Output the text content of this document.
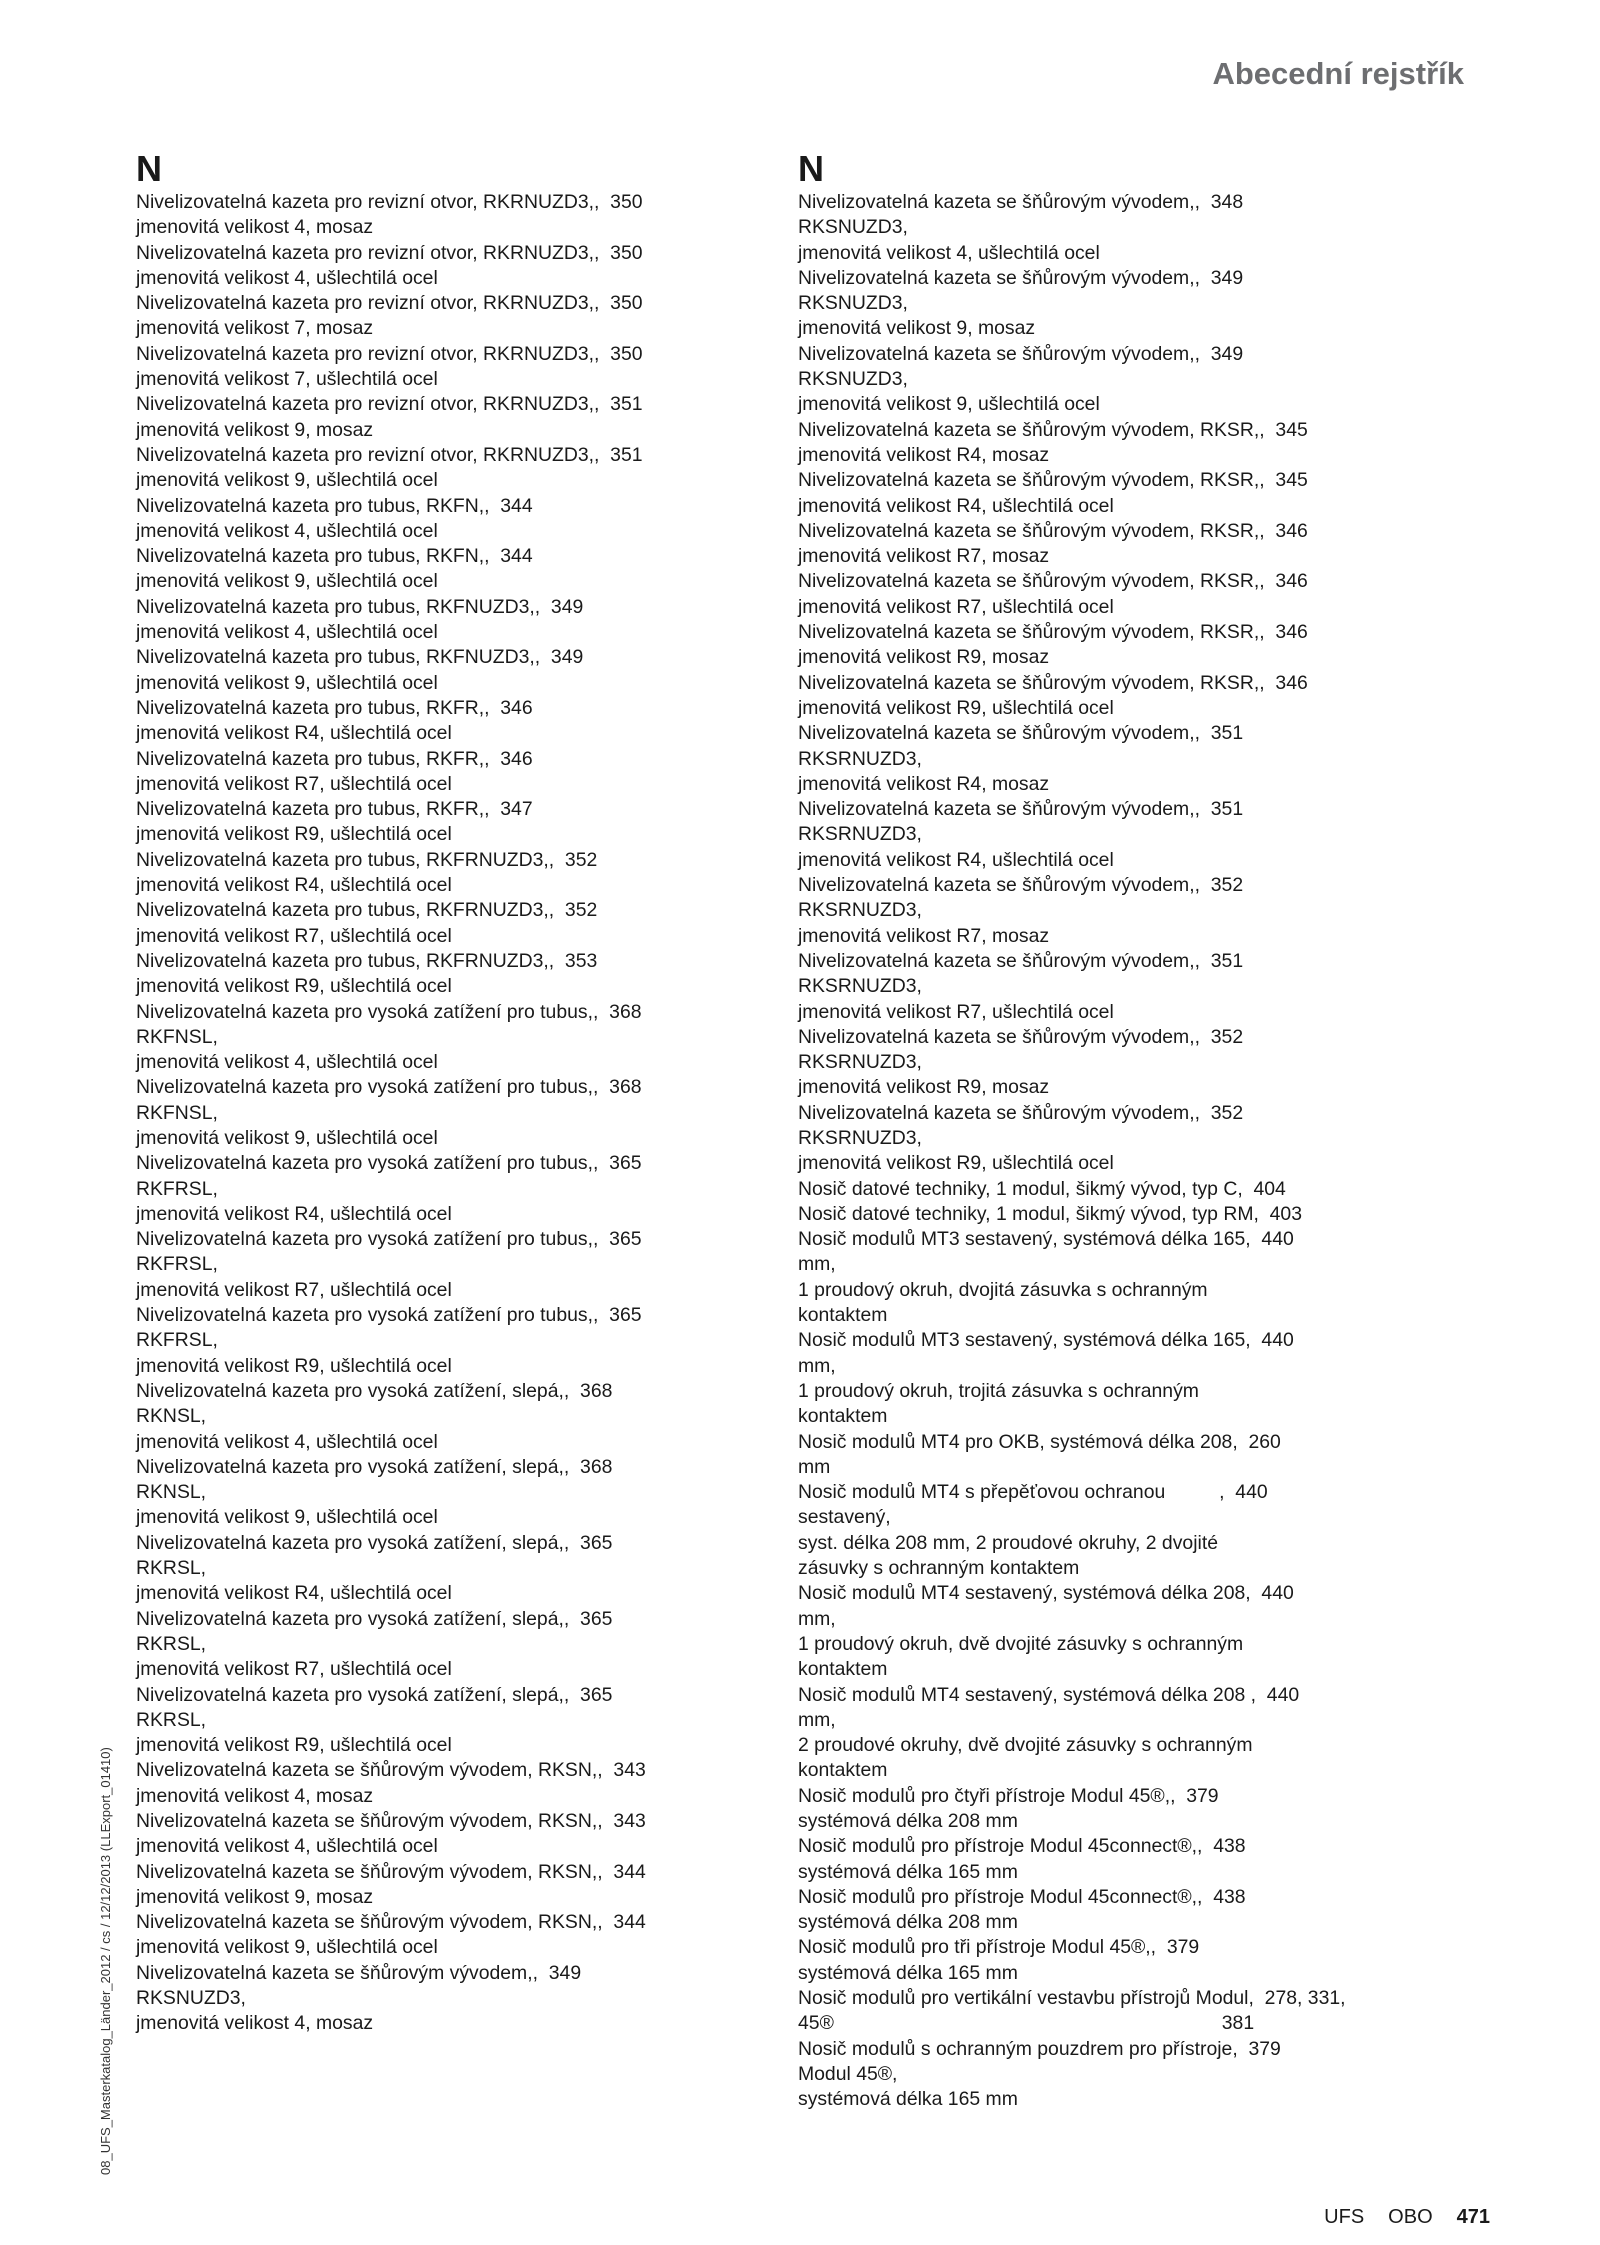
Abecední rejstřík
N
Nivelizovatelná kazeta pro revizní otvor, RKRNUZD3,,  350
jmenovitá velikost 4, mosaz
Nivelizovatelná kazeta pro revizní otvor, RKRNUZD3,,  350
jmenovitá velikost 4, ušlechtilá ocel
Nivelizovatelná kazeta pro revizní otvor, RKRNUZD3,,  350
jmenovitá velikost 7, mosaz
Nivelizovatelná kazeta pro revizní otvor, RKRNUZD3,,  350
jmenovitá velikost 7, ušlechtilá ocel
Nivelizovatelná kazeta pro revizní otvor, RKRNUZD3,,  351
jmenovitá velikost 9, mosaz
Nivelizovatelná kazeta pro revizní otvor, RKRNUZD3,,  351
jmenovitá velikost 9, ušlechtilá ocel
Nivelizovatelná kazeta pro tubus, RKFN,,  344
jmenovitá velikost 4, ušlechtilá ocel
Nivelizovatelná kazeta pro tubus, RKFN,,  344
jmenovitá velikost 9, ušlechtilá ocel
Nivelizovatelná kazeta pro tubus, RKFNUZD3,,  349
jmenovitá velikost 4, ušlechtilá ocel
Nivelizovatelná kazeta pro tubus, RKFNUZD3,,  349
jmenovitá velikost 9, ušlechtilá ocel
Nivelizovatelná kazeta pro tubus, RKFR,,  346
jmenovitá velikost R4, ušlechtilá ocel
Nivelizovatelná kazeta pro tubus, RKFR,,  346
jmenovitá velikost R7, ušlechtilá ocel
Nivelizovatelná kazeta pro tubus, RKFR,,  347
jmenovitá velikost R9, ušlechtilá ocel
Nivelizovatelná kazeta pro tubus, RKFRNUZD3,,  352
jmenovitá velikost R4, ušlechtilá ocel
Nivelizovatelná kazeta pro tubus, RKFRNUZD3,,  352
jmenovitá velikost R7, ušlechtilá ocel
Nivelizovatelná kazeta pro tubus, RKFRNUZD3,,  353
jmenovitá velikost R9, ušlechtilá ocel
Nivelizovatelná kazeta pro vysoká zatížení pro tubus,,  368
RKFNSL,
jmenovitá velikost 4, ušlechtilá ocel
Nivelizovatelná kazeta pro vysoká zatížení pro tubus,,  368
RKFNSL,
jmenovitá velikost 9, ušlechtilá ocel
Nivelizovatelná kazeta pro vysoká zatížení pro tubus,,  365
RKFRSL,
jmenovitá velikost R4, ušlechtilá ocel
Nivelizovatelná kazeta pro vysoká zatížení pro tubus,,  365
RKFRSL,
jmenovitá velikost R7, ušlechtilá ocel
Nivelizovatelná kazeta pro vysoká zatížení pro tubus,,  365
RKFRSL,
jmenovitá velikost R9, ušlechtilá ocel
Nivelizovatelná kazeta pro vysoká zatížení, slepá,,  368
RKNSL,
jmenovitá velikost 4, ušlechtilá ocel
Nivelizovatelná kazeta pro vysoká zatížení, slepá,,  368
RKNSL,
jmenovitá velikost 9, ušlechtilá ocel
Nivelizovatelná kazeta pro vysoká zatížení, slepá,,  365
RKRSL,
jmenovitá velikost R4, ušlechtilá ocel
Nivelizovatelná kazeta pro vysoká zatížení, slepá,,  365
RKRSL,
jmenovitá velikost R7, ušlechtilá ocel
Nivelizovatelná kazeta pro vysoká zatížení, slepá,,  365
RKRSL,
jmenovitá velikost R9, ušlechtilá ocel
Nivelizovatelná kazeta se šňůrovým vývodem, RKSN,,  343
jmenovitá velikost 4, mosaz
Nivelizovatelná kazeta se šňůrovým vývodem, RKSN,,  343
jmenovitá velikost 4, ušlechtilá ocel
Nivelizovatelná kazeta se šňůrovým vývodem, RKSN,,  344
jmenovitá velikost 9, mosaz
Nivelizovatelná kazeta se šňůrovým vývodem, RKSN,,  344
jmenovitá velikost 9, ušlechtilá ocel
Nivelizovatelná kazeta se šňůrovým vývodem,,  349
RKSNUZD3,
jmenovitá velikost 4, mosaz
N
Nivelizovatelná kazeta se šňůrovým vývodem,,  348
RKSNUZD3,
jmenovitá velikost 4, ušlechtilá ocel
Nivelizovatelná kazeta se šňůrovým vývodem,,  349
RKSNUZD3,
jmenovitá velikost 9, mosaz
Nivelizovatelná kazeta se šňůrovým vývodem,,  349
RKSNUZD3,
jmenovitá velikost 9, ušlechtilá ocel
Nivelizovatelná kazeta se šňůrovým vývodem, RKSR,,  345
jmenovitá velikost R4, mosaz
Nivelizovatelná kazeta se šňůrovým vývodem, RKSR,,  345
jmenovitá velikost R4, ušlechtilá ocel
Nivelizovatelná kazeta se šňůrovým vývodem, RKSR,,  346
jmenovitá velikost R7, mosaz
Nivelizovatelná kazeta se šňůrovým vývodem, RKSR,,  346
jmenovitá velikost R7, ušlechtilá ocel
Nivelizovatelná kazeta se šňůrovým vývodem, RKSR,,  346
jmenovitá velikost R9, mosaz
Nivelizovatelná kazeta se šňůrovým vývodem, RKSR,,  346
jmenovitá velikost R9, ušlechtilá ocel
Nivelizovatelná kazeta se šňůrovým vývodem,,  351
RKSRNUZD3,
jmenovitá velikost R4, mosaz
Nivelizovatelná kazeta se šňůrovým vývodem,,  351
RKSRNUZD3,
jmenovitá velikost R4, ušlechtilá ocel
Nivelizovatelná kazeta se šňůrovým vývodem,,  352
RKSRNUZD3,
jmenovitá velikost R7, mosaz
Nivelizovatelná kazeta se šňůrovým vývodem,,  351
RKSRNUZD3,
jmenovitá velikost R7, ušlechtilá ocel
Nivelizovatelná kazeta se šňůrovým vývodem,,  352
RKSRNUZD3,
jmenovitá velikost R9, mosaz
Nivelizovatelná kazeta se šňůrovým vývodem,,  352
RKSRNUZD3,
jmenovitá velikost R9, ušlechtilá ocel
Nosič datové techniky, 1 modul, šikmý vývod, typ C,  404
Nosič datové techniky, 1 modul, šikmý vývod, typ RM,  403
Nosič modulů MT3 sestavený, systémová délka 165,  440
mm,
1 proudový okruh, dvojitá zásuvka s ochranným
kontaktem
Nosič modulů MT3 sestavený, systémová délka 165,  440
mm,
1 proudový okruh, trojitá zásuvka s ochranným
kontaktem
Nosič modulů MT4 pro OKB, systémová délka 208,  260
mm
Nosič modulů MT4 s přepěťovou ochranou          ,  440
sestavený,
syst. délka 208 mm, 2 proudové okruhy, 2 dvojité
zásuvky s ochranným kontaktem
Nosič modulů MT4 sestavený, systémová délka 208,  440
mm,
1 proudový okruh, dvě dvojité zásuvky s ochranným
kontaktem
Nosič modulů MT4 sestavený, systémová délka 208 ,  440
mm,
2 proudové okruhy, dvě dvojité zásuvky s ochranným
kontaktem
Nosič modulů pro čtyři přístroje Modul 45®,,  379
systémová délka 208 mm
Nosič modulů pro přístroje Modul 45connect®,,  438
systémová délka 165 mm
Nosič modulů pro přístroje Modul 45connect®,,  438
systémová délka 208 mm
Nosič modulů pro tři přístroje Modul 45®,,  379
systémová délka 165 mm
Nosič modulů pro vertikální vestavbu přístrojů Modul,  278, 331,
45®                                                                        381
Nosič modulů s ochranným pouzdrem pro přístroje,  379
Modul 45®,
systémová délka 165 mm
08_UFS_Masterkatalog_Länder_2012 / cs / 12/12/2013 (LLExport_01410)
UFS OBO 471
